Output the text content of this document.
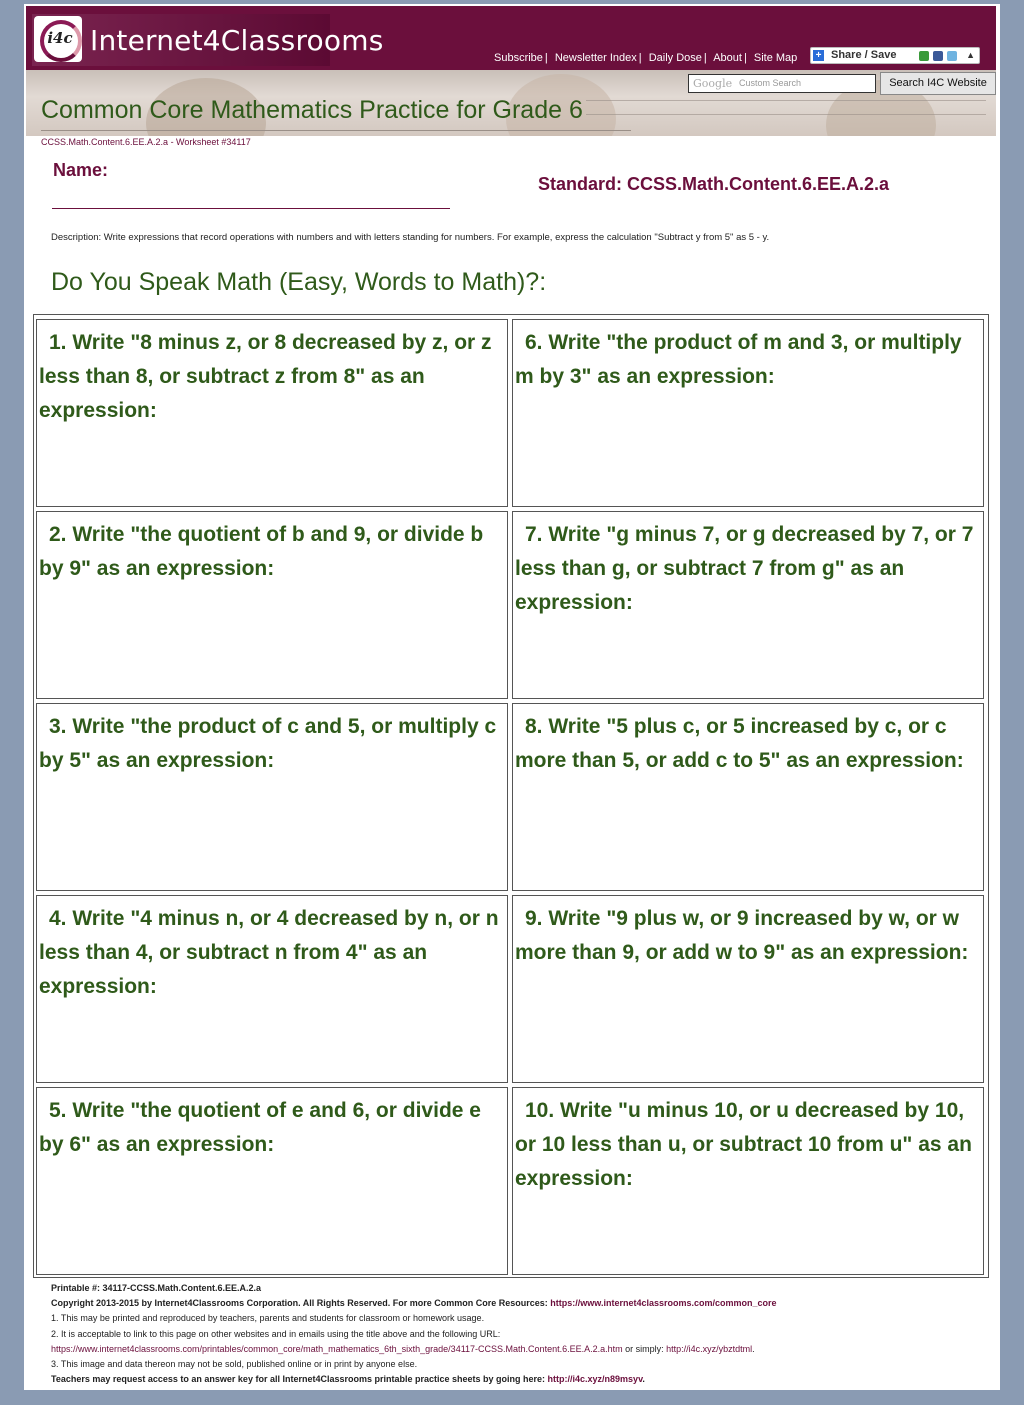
i4c Internet4Classrooms
Subscribe | Newsletter Index | Daily Dose | About | Site Map + Share / Save	▲
Google Custom Search	Search I4C Website
Common Core Mathematics Practice for Grade 6
CCSS.Math.Content.6.EE.A.2.a - Worksheet #34117
Name:
Standard: CCSS.Math.Content.6.EE.A.2.a
Description: Write expressions that record operations with numbers and with letters standing for numbers. For example, express the calculation "Subtract y from 5" as 5 - y.
Do You Speak Math (Easy, Words to Math)?:
1. Write "8 minus z, or 8 decreased by z, or z less than 8, or subtract z from 8" as an expression:
2. Write "the quotient of b and 9, or divide b by 9" as an expression:
3. Write "the product of c and 5, or multiply c by 5" as an expression:
4. Write "4 minus n, or 4 decreased by n, or n less than 4, or subtract n from 4" as an expression:
5. Write "the quotient of e and 6, or divide e by 6" as an expression:
6. Write "the product of m and 3, or multiply m by 3" as an expression:
7. Write "g minus 7, or g decreased by 7, or 7 less than g, or subtract 7 from g" as an expression:
8. Write "5 plus c, or 5 increased by c, or c more than 5, or add c to 5" as an expression:
9. Write "9 plus w, or 9 increased by w, or w more than 9, or add w to 9" as an expression:
10. Write "u minus 10, or u decreased by 10, or 10 less than u, or subtract 10 from u" as an expression:
Printable #: 34117-CCSS.Math.Content.6.EE.A.2.a
Copyright 2013-2015 by Internet4Classrooms Corporation. All Rights Reserved. For more Common Core Resources: https://www.internet4classrooms.com/common_core
1. This may be printed and reproduced by teachers, parents and students for classroom or homework usage.
2. It is acceptable to link to this page on other websites and in emails using the title above and the following URL:
https://www.internet4classrooms.com/printables/common_core/math_mathematics_6th_sixth_grade/34117-CCSS.Math.Content.6.EE.A.2.a.htm or simply: http://i4c.xyz/ybztdtml.
3. This image and data thereon may not be sold, published online or in print by anyone else.
Teachers may request access to an answer key for all Internet4Classrooms printable practice sheets by going here: http://i4c.xyz/n89msyv.
